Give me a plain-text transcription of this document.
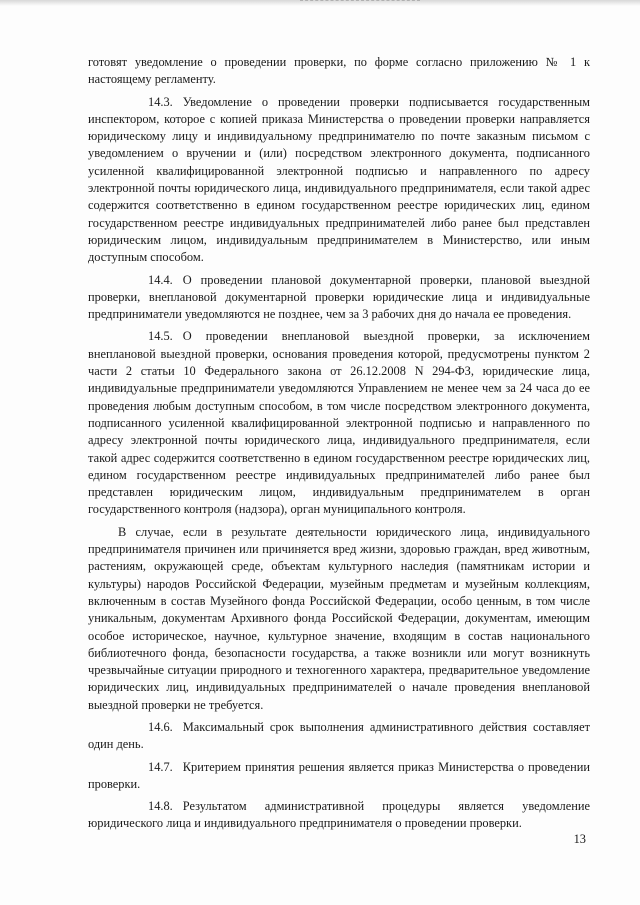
готовят уведомление о проведении проверки, по форме согласно приложению № 1 к настоящему регламенту.

14.3. Уведомление о проведении проверки подписывается государственным инспектором, которое с копией приказа Министерства о проведении проверки направляется юридическому лицу и индивидуальному предпринимателю по почте заказным письмом с уведомлением о вручении и (или) посредством электронного документа, подписанного усиленной квалифицированной электронной подписью и направленного по адресу электронной почты юридического лица, индивидуального предпринимателя, если такой адрес содержится соответственно в едином государственном реестре юридических лиц, едином государственном реестре индивидуальных предпринимателей либо ранее был представлен юридическим лицом, индивидуальным предпринимателем в Министерство, или иным доступным способом.

14.4. О проведении плановой документарной проверки, плановой выездной проверки, внеплановой документарной проверки юридические лица и индивидуальные предприниматели уведомляются не позднее, чем за 3 рабочих дня до начала ее проведения.

14.5. О проведении внеплановой выездной проверки, за исключением внеплановой выездной проверки, основания проведения которой, предусмотрены пунктом 2 части 2 статьи 10 Федерального закона от 26.12.2008 N 294-ФЗ, юридические лица, индивидуальные предприниматели уведомляются Управлением не менее чем за 24 часа до ее проведения любым доступным способом, в том числе посредством электронного документа, подписанного усиленной квалифицированной электронной подписью и направленного по адресу электронной почты юридического лица, индивидуального предпринимателя, если такой адрес содержится соответственно в едином государственном реестре юридических лиц, едином государственном реестре индивидуальных предпринимателей либо ранее был представлен юридическим лицом, индивидуальным предпринимателем в орган государственного контроля (надзора), орган муниципального контроля.

В случае, если в результате деятельности юридического лица, индивидуального предпринимателя причинен или причиняется вред жизни, здоровью граждан, вред животным, растениям, окружающей среде, объектам культурного наследия (памятникам истории и культуры) народов Российской Федерации, музейным предметам и музейным коллекциям, включенным в состав Музейного фонда Российской Федерации, особо ценным, в том числе уникальным, документам Архивного фонда Российской Федерации, документам, имеющим особое историческое, научное, культурное значение, входящим в состав национального библиотечного фонда, безопасности государства, а также возникли или могут возникнуть чрезвычайные ситуации природного и техногенного характера, предварительное уведомление юридических лиц, индивидуальных предпринимателей о начале проведения внеплановой выездной проверки не требуется.

14.6. Максимальный срок выполнения административного действия составляет один день.

14.7. Критерием принятия решения является приказ Министерства о проведении проверки.

14.8. Результатом административной процедуры является уведомление юридического лица и индивидуального предпринимателя о проведении проверки.

13
